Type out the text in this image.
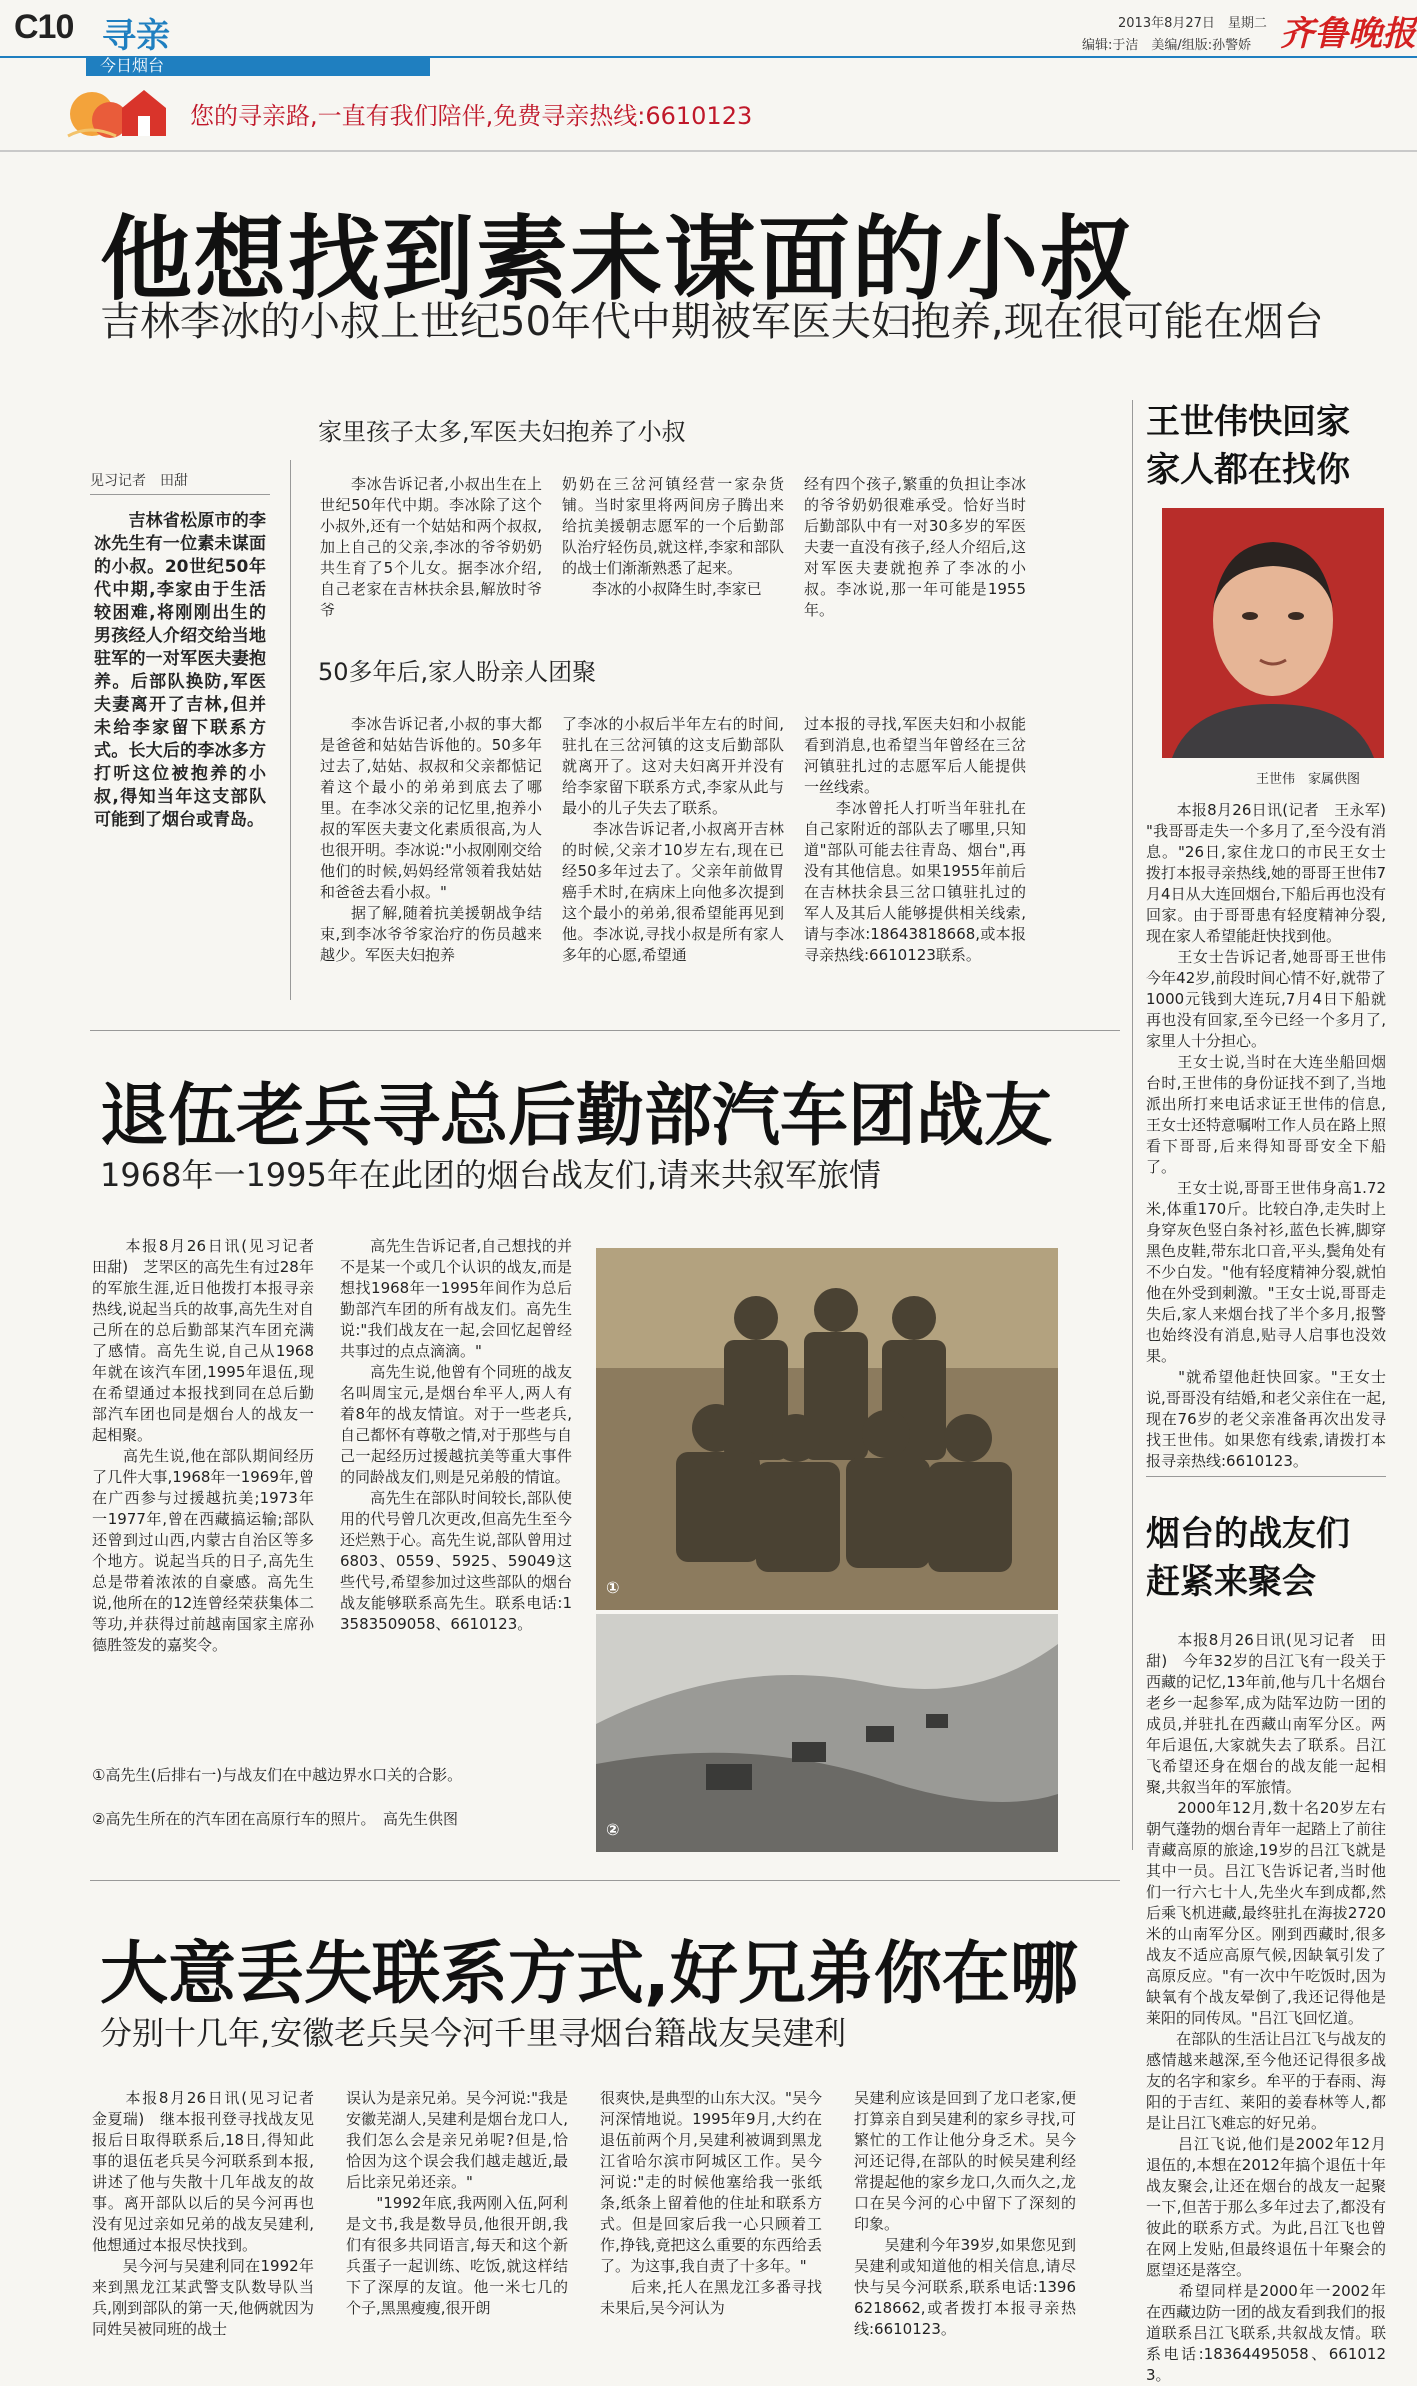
C10 寻亲
今日烟台
2013年8月27日　星期二
编辑:于洁　美编/组版:孙警娇 齐鲁晚报
您的寻亲路,一直有我们陪伴,免费寻亲热线:6610123
他想找到素未谋面的小叔
吉林李冰的小叔上世纪50年代中期被军医夫妇抱养,现在很可能在烟台
家里孩子太多,军医夫妇抱养了小叔
见习记者　田甜
　　吉林省松原市的李冰先生有一位素未谋面的小叔。20世纪50年代中期,李家由于生活较困难,将刚刚出生的男孩经人介绍交给当地驻军的一对军医夫妻抱养。后部队换防,军医夫妻离开了吉林,但并未给李家留下联系方式。长大后的李冰多方打听这位被抱养的小叔,得知当年这支部队可能到了烟台或青岛。
　　李冰告诉记者,小叔出生在上世纪50年代中期。李冰除了这个小叔外,还有一个姑姑和两个叔叔,加上自己的父亲,李冰的爷爷奶奶共生育了5个儿女。据李冰介绍,自己老家在吉林扶余县,解放时爷爷
奶奶在三岔河镇经营一家杂货铺。当时家里将两间房子腾出来给抗美援朝志愿军的一个后勤部队治疗轻伤员,就这样,李家和部队的战士们渐渐熟悉了起来。
　　李冰的小叔降生时,李家已
经有四个孩子,繁重的负担让李冰的爷爷奶奶很难承受。恰好当时后勤部队中有一对30多岁的军医夫妻一直没有孩子,经人介绍后,这对军医夫妻就抱养了李冰的小叔。李冰说,那一年可能是1955年。
50多年后,家人盼亲人团聚
　　李冰告诉记者,小叔的事大都是爸爸和姑姑告诉他的。50多年过去了,姑姑、叔叔和父亲都惦记着这个最小的弟弟到底去了哪里。在李冰父亲的记忆里,抱养小叔的军医夫妻文化素质很高,为人也很开明。李冰说:"小叔刚刚交给他们的时候,妈妈经常领着我姑姑和爸爸去看小叔。"
　　据了解,随着抗美援朝战争结束,到李冰爷爷家治疗的伤员越来越少。军医夫妇抱养
了李冰的小叔后半年左右的时间,驻扎在三岔河镇的这支后勤部队就离开了。这对夫妇离开并没有给李家留下联系方式,李家从此与最小的儿子失去了联系。
　　李冰告诉记者,小叔离开吉林的时候,父亲才10岁左右,现在已经50多年过去了。父亲年前做胃癌手术时,在病床上向他多次提到这个最小的弟弟,很希望能再见到他。李冰说,寻找小叔是所有家人多年的心愿,希望通
过本报的寻找,军医夫妇和小叔能看到消息,也希望当年曾经在三岔河镇驻扎过的志愿军后人能提供一丝线索。
　　李冰曾托人打听当年驻扎在自己家附近的部队去了哪里,只知道"部队可能去往青岛、烟台",再没有其他信息。如果1955年前后在吉林扶余县三岔口镇驻扎过的军人及其后人能够提供相关线索,请与李冰:18643818668,或本报寻亲热线:6610123联系。
王世伟快回家家人都在找你
王世伟　家属供图
　　本报8月26日讯(记者　王永军)　"我哥哥走失一个多月了,至今没有消息。"26日,家住龙口的市民王女士拨打本报寻亲热线,她的哥哥王世伟7月4日从大连回烟台,下船后再也没有回家。由于哥哥患有轻度精神分裂,现在家人希望能赶快找到他。
　　王女士告诉记者,她哥哥王世伟今年42岁,前段时间心情不好,就带了1000元钱到大连玩,7月4日下船就再也没有回家,至今已经一个多月了,家里人十分担心。
　　王女士说,当时在大连坐船回烟台时,王世伟的身份证找不到了,当地派出所打来电话求证王世伟的信息,王女士还特意嘱咐工作人员在路上照看下哥哥,后来得知哥哥安全下船了。
　　王女士说,哥哥王世伟身高1.72米,体重170斤。比较白净,走失时上身穿灰色竖白条衬衫,蓝色长裤,脚穿黑色皮鞋,带东北口音,平头,鬓角处有不少白发。"他有轻度精神分裂,就怕他在外受到刺激。"王女士说,哥哥走失后,家人来烟台找了半个多月,报警也始终没有消息,贴寻人启事也没效果。
　　"就希望他赶快回家。"王女士说,哥哥没有结婚,和老父亲住在一起,现在76岁的老父亲准备再次出发寻找王世伟。如果您有线索,请拨打本报寻亲热线:6610123。
退伍老兵寻总后勤部汽车团战友
1968年一1995年在此团的烟台战友们,请来共叙军旅情
　　本报8月26日讯(见习记者　田甜)　芝罘区的高先生有过28年的军旅生涯,近日他拨打本报寻亲热线,说起当兵的故事,高先生对自己所在的总后勤部某汽车团充满了感情。高先生说,自己从1968年就在该汽车团,1995年退伍,现在希望通过本报找到同在总后勤部汽车团也同是烟台人的战友一起相聚。
　　高先生说,他在部队期间经历了几件大事,1968年一1969年,曾在广西参与过援越抗美;1973年一1977年,曾在西藏搞运输;部队还曾到过山西,内蒙古自治区等多个地方。说起当兵的日子,高先生总是带着浓浓的自豪感。高先生说,他所在的12连曾经荣获集体二等功,并获得过前越南国家主席孙德胜签发的嘉奖令。
　　高先生告诉记者,自己想找的并不是某一个或几个认识的战友,而是想找1968年一1995年间作为总后勤部汽车团的所有战友们。高先生说:"我们战友在一起,会回忆起曾经共事过的点点滴滴。"
　　高先生说,他曾有个同班的战友名叫周宝元,是烟台牟平人,两人有着8年的战友情谊。对于一些老兵,自己都怀有尊敬之情,对于那些与自己一起经历过援越抗美等重大事件的同龄战友们,则是兄弟般的情谊。
　　高先生在部队时间较长,部队使用的代号曾几次更改,但高先生至今还烂熟于心。高先生说,部队曾用过6803、0559、5925、59049这些代号,希望参加过这些部队的烟台战友能够联系高先生。联系电话:13583509058、6610123。
①
②
①高先生(后排右一)与战友们在中越边界水口关的合影。
②高先生所在的汽车团在高原行车的照片。　高先生供图
烟台的战友们赶紧来聚会
　　本报8月26日讯(见习记者　田甜)　今年32岁的吕江飞有一段关于西藏的记忆,13年前,他与几十名烟台老乡一起参军,成为陆军边防一团的成员,并驻扎在西藏山南军分区。两年后退伍,大家就失去了联系。吕江飞希望还身在烟台的战友能一起相聚,共叙当年的军旅情。
　　2000年12月,数十名20岁左右朝气蓬勃的烟台青年一起踏上了前往青藏高原的旅途,19岁的吕江飞就是其中一员。吕江飞告诉记者,当时他们一行六七十人,先坐火车到成都,然后乘飞机进藏,最终驻扎在海拔2720米的山南军分区。刚到西藏时,很多战友不适应高原气候,因缺氧引发了高原反应。"有一次中午吃饭时,因为缺氧有个战友晕倒了,我还记得他是莱阳的同传凤。"吕江飞回忆道。
　　在部队的生活让吕江飞与战友的感情越来越深,至今他还记得很多战友的名字和家乡。牟平的于春雨、海阳的于吉红、莱阳的姜春林等人,都是让吕江飞难忘的好兄弟。
　　吕江飞说,他们是2002年12月退伍的,本想在2012年搞个退伍十年战友聚会,让还在烟台的战友一起聚一下,但苦于那么多年过去了,都没有彼此的联系方式。为此,吕江飞也曾在网上发贴,但最终退伍十年聚会的愿望还是落空。
　　希望同样是2000年一2002年在西藏边防一团的战友看到我们的报道联系吕江飞联系,共叙战友情。联系电话:18364495058、6610123。
大意丢失联系方式,好兄弟你在哪
分别十几年,安徽老兵吴今河千里寻烟台籍战友吴建利
　　本报8月26日讯(见习记者　金夏瑞)　继本报刊登寻找战友见报后日取得联系后,18日,得知此事的退伍老兵吴今河联系到本报,讲述了他与失散十几年战友的故事。离开部队以后的吴今河再也没有见过亲如兄弟的战友吴建利,他想通过本报尽快找到。
　　吴今河与吴建利同在1992年来到黑龙江某武警支队数导队当兵,刚到部队的第一天,他俩就因为同姓吴被同班的战士
误认为是亲兄弟。吴今河说:"我是安徽芜湖人,吴建利是烟台龙口人,我们怎么会是亲兄弟呢?但是,恰恰因为这个误会我们越走越近,最后比亲兄弟还亲。"
　　"1992年底,我两刚入伍,阿利是文书,我是数导员,他很开朗,我们有很多共同语言,每天和这个新兵蛋子一起训练、吃饭,就这样结下了深厚的友谊。他一米七几的个子,黑黑瘦瘦,很开朗
很爽快,是典型的山东大汉。"吴今河深情地说。1995年9月,大约在退伍前两个月,吴建利被调到黑龙江省哈尔滨市阿城区工作。吴今河说:"走的时候他塞给我一张纸条,纸条上留着他的住址和联系方式。但是回家后我一心只顾着工作,挣钱,竟把这么重要的东西给丢了。为这事,我自责了十多年。"
　　后来,托人在黑龙江多番寻找未果后,吴今河认为
吴建利应该是回到了龙口老家,便打算亲自到吴建利的家乡寻找,可繁忙的工作让他分身乏术。吴今河还记得,在部队的时候吴建利经常提起他的家乡龙口,久而久之,龙口在吴今河的心中留下了深刻的印象。
　　吴建利今年39岁,如果您见到吴建利或知道他的相关信息,请尽快与吴今河联系,联系电话:13966218662,或者拨打本报寻亲热线:6610123。
